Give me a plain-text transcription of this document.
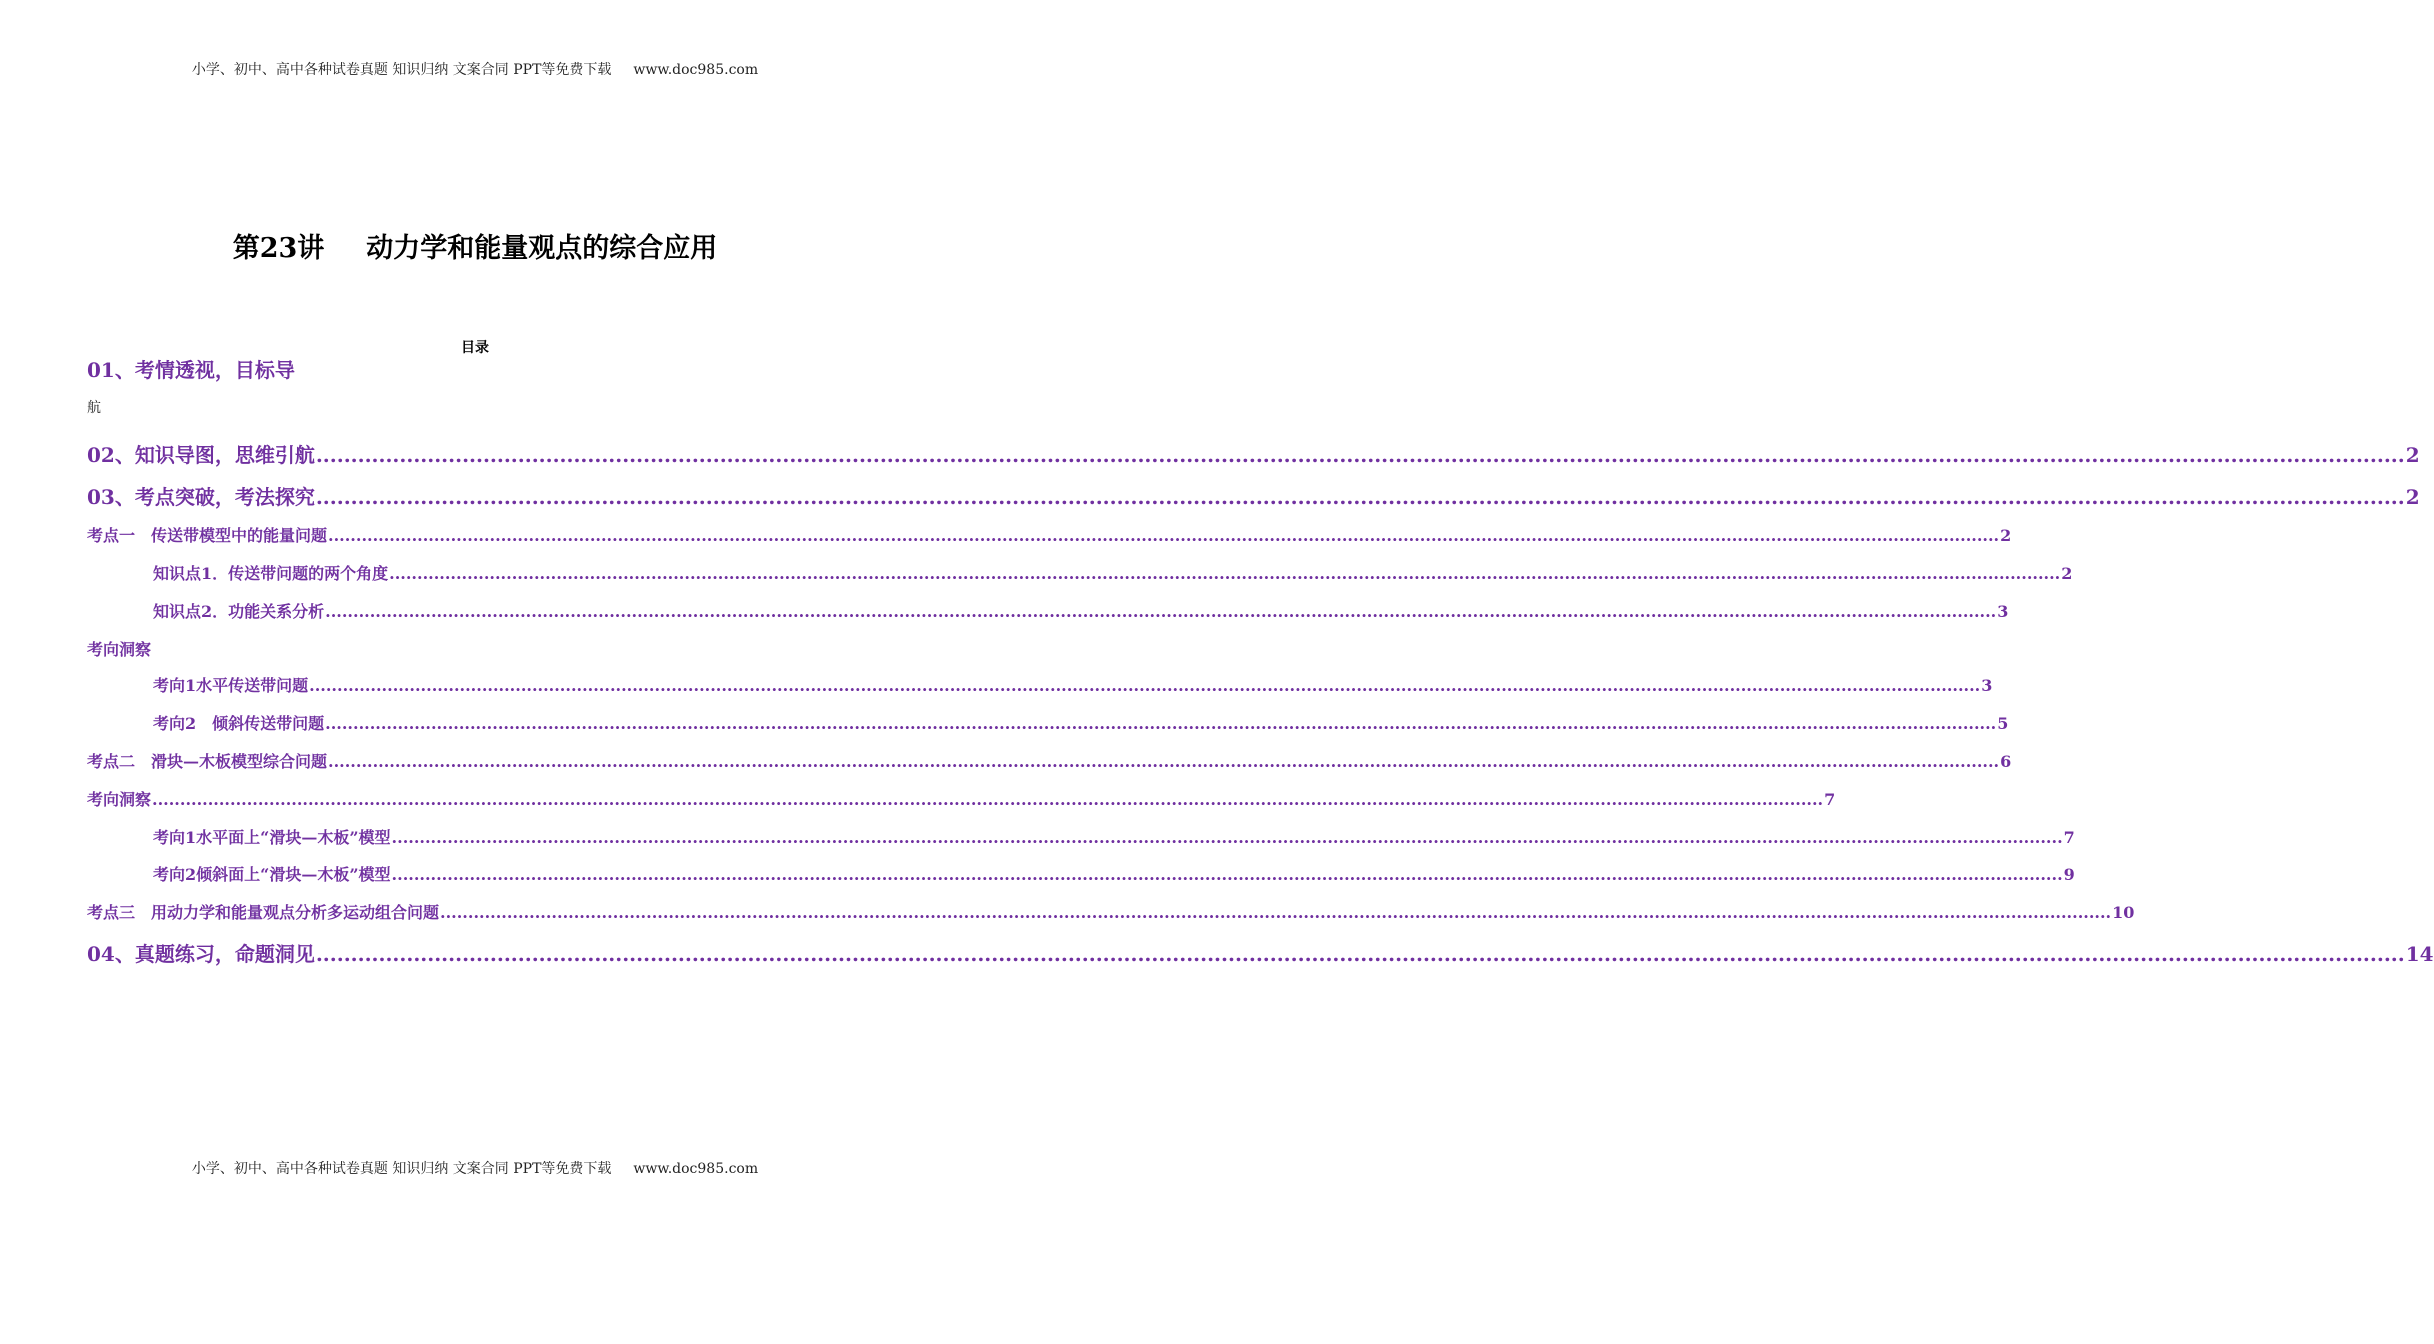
小学、初中、高中各种试卷真题 知识归纳 文案合同 PPT等免费下载 www.doc985.com
第23讲 动力学和能量观点的综合应用
目录
01、考情透视，目标导
航
02、知识导图，思维引航 ............................................................................................................................................................................................................................................................................................................ 2
03、考点突破，考法探究 ............................................................................................................................................................................................................................................................................................................ 2
考点一　传送带模型中的能量问题 ............................................................................................................................................................................................................................................................................................................ 2
知识点1．传送带问题的两个角度 ............................................................................................................................................................................................................................................................................................................ 2
知识点2．功能关系分析 ............................................................................................................................................................................................................................................................................................................ 3
考向洞察
考向1水平传送带问题 ............................................................................................................................................................................................................................................................................................................ 3
考向2　倾斜传送带问题 ............................................................................................................................................................................................................................................................................................................ 5
考点二　滑块—木板模型综合问题 ............................................................................................................................................................................................................................................................................................................ 6
考向洞察 ............................................................................................................................................................................................................................................................................................................ 7
考向1水平面上“滑块—木板”模型 ............................................................................................................................................................................................................................................................................................................ 7
考向2倾斜面上“滑块—木板”模型 ............................................................................................................................................................................................................................................................................................................ 9
考点三　用动力学和能量观点分析多运动组合问题 ............................................................................................................................................................................................................................................................................................................ 10
04、真题练习，命题洞见 ............................................................................................................................................................................................................................................................................................................ 14
小学、初中、高中各种试卷真题 知识归纳 文案合同 PPT等免费下载 www.doc985.com
